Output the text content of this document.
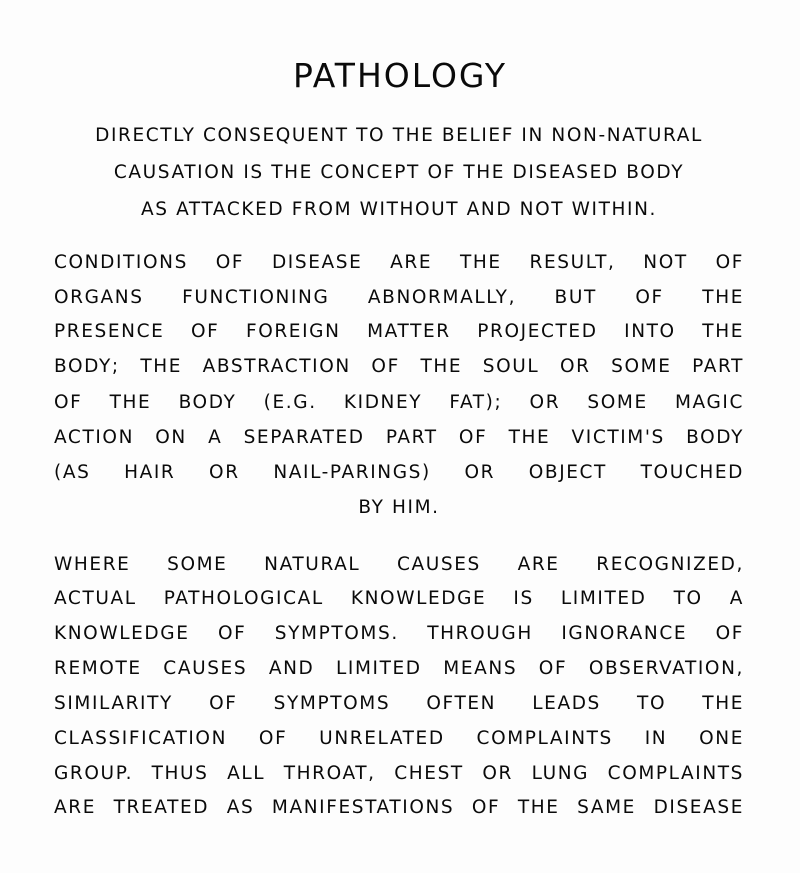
PATHOLOGY
DIRECTLY CONSEQUENT TO THE BELIEF IN NON-NATURAL
CAUSATION IS THE CONCEPT OF THE DISEASED BODY
AS ATTACKED FROM WITHOUT AND NOT WITHIN.
CONDITIONS OF DISEASE ARE THE RESULT, NOT OF
ORGANS FUNCTIONING ABNORMALLY, BUT OF THE
PRESENCE OF FOREIGN MATTER PROJECTED INTO THE
BODY; THE ABSTRACTION OF THE SOUL OR SOME PART
OF THE BODY (E.G. KIDNEY FAT); OR SOME MAGIC
ACTION ON A SEPARATED PART OF THE VICTIM'S BODY
(AS HAIR OR NAIL-PARINGS) OR OBJECT TOUCHED
BY HIM.
WHERE SOME NATURAL CAUSES ARE RECOGNIZED,
ACTUAL PATHOLOGICAL KNOWLEDGE IS LIMITED TO A
KNOWLEDGE OF SYMPTOMS. THROUGH IGNORANCE OF
REMOTE CAUSES AND LIMITED MEANS OF OBSERVATION,
SIMILARITY OF SYMPTOMS OFTEN LEADS TO THE
CLASSIFICATION OF UNRELATED COMPLAINTS IN ONE
GROUP. THUS ALL THROAT, CHEST OR LUNG COMPLAINTS
ARE TREATED AS MANIFESTATIONS OF THE SAME DISEASE
